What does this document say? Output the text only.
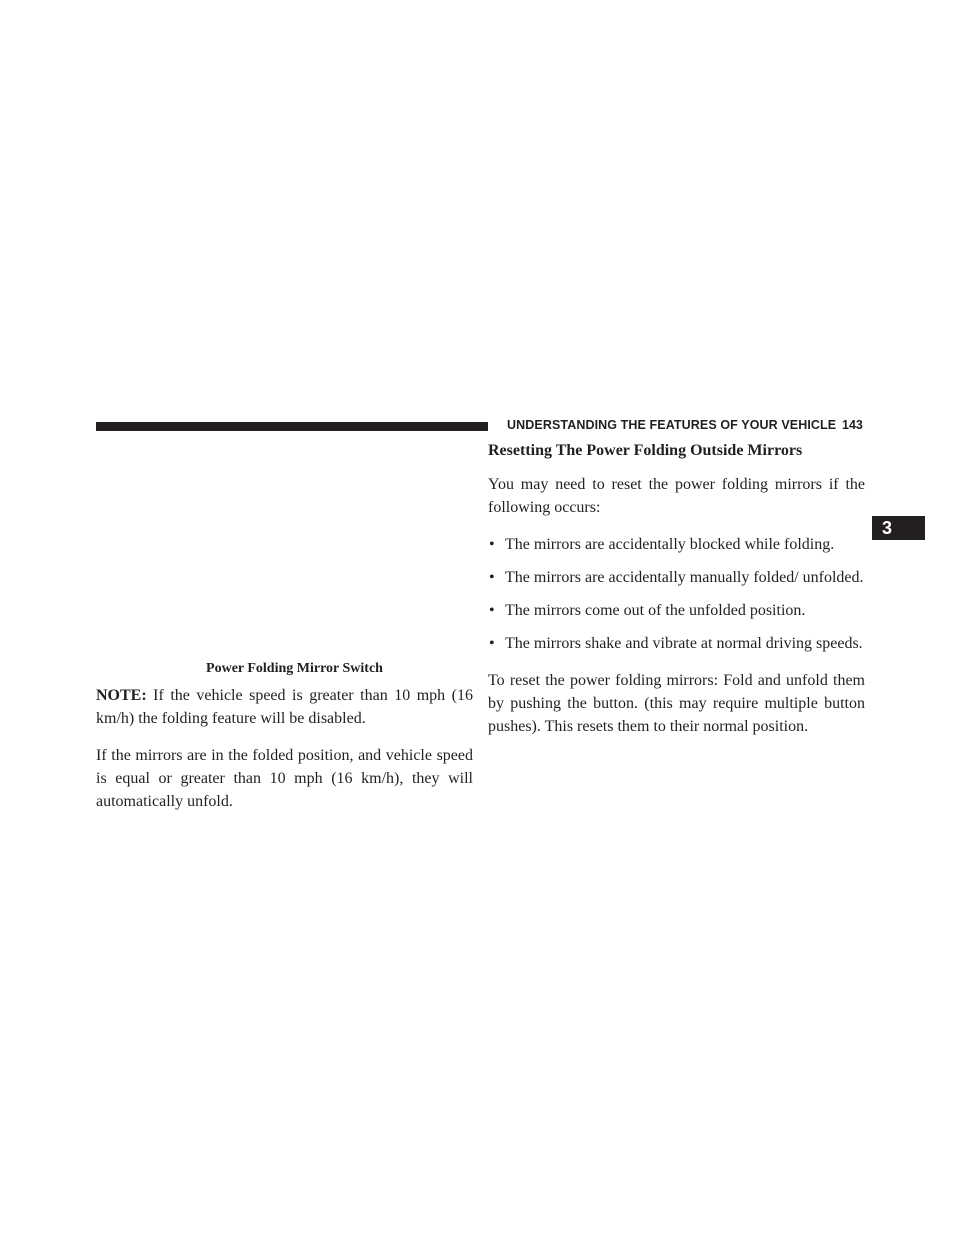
UNDERSTANDING THE FEATURES OF YOUR VEHICLE 143
3
Power Folding Mirror Switch

NOTE: If the vehicle speed is greater than 10 mph (16 km/h) the folding feature will be disabled.

If the mirrors are in the folded position, and vehicle speed is equal or greater than 10 mph (16 km/h), they will automatically unfold.

Resetting The Power Folding Outside Mirrors

You may need to reset the power folding mirrors if the following occurs:

• The mirrors are accidentally blocked while folding.
• The mirrors are accidentally manually folded/ unfolded.
• The mirrors come out of the unfolded position.
• The mirrors shake and vibrate at normal driving speeds.

To reset the power folding mirrors: Fold and unfold them by pushing the button. (this may require multiple button pushes). This resets them to their normal position.
